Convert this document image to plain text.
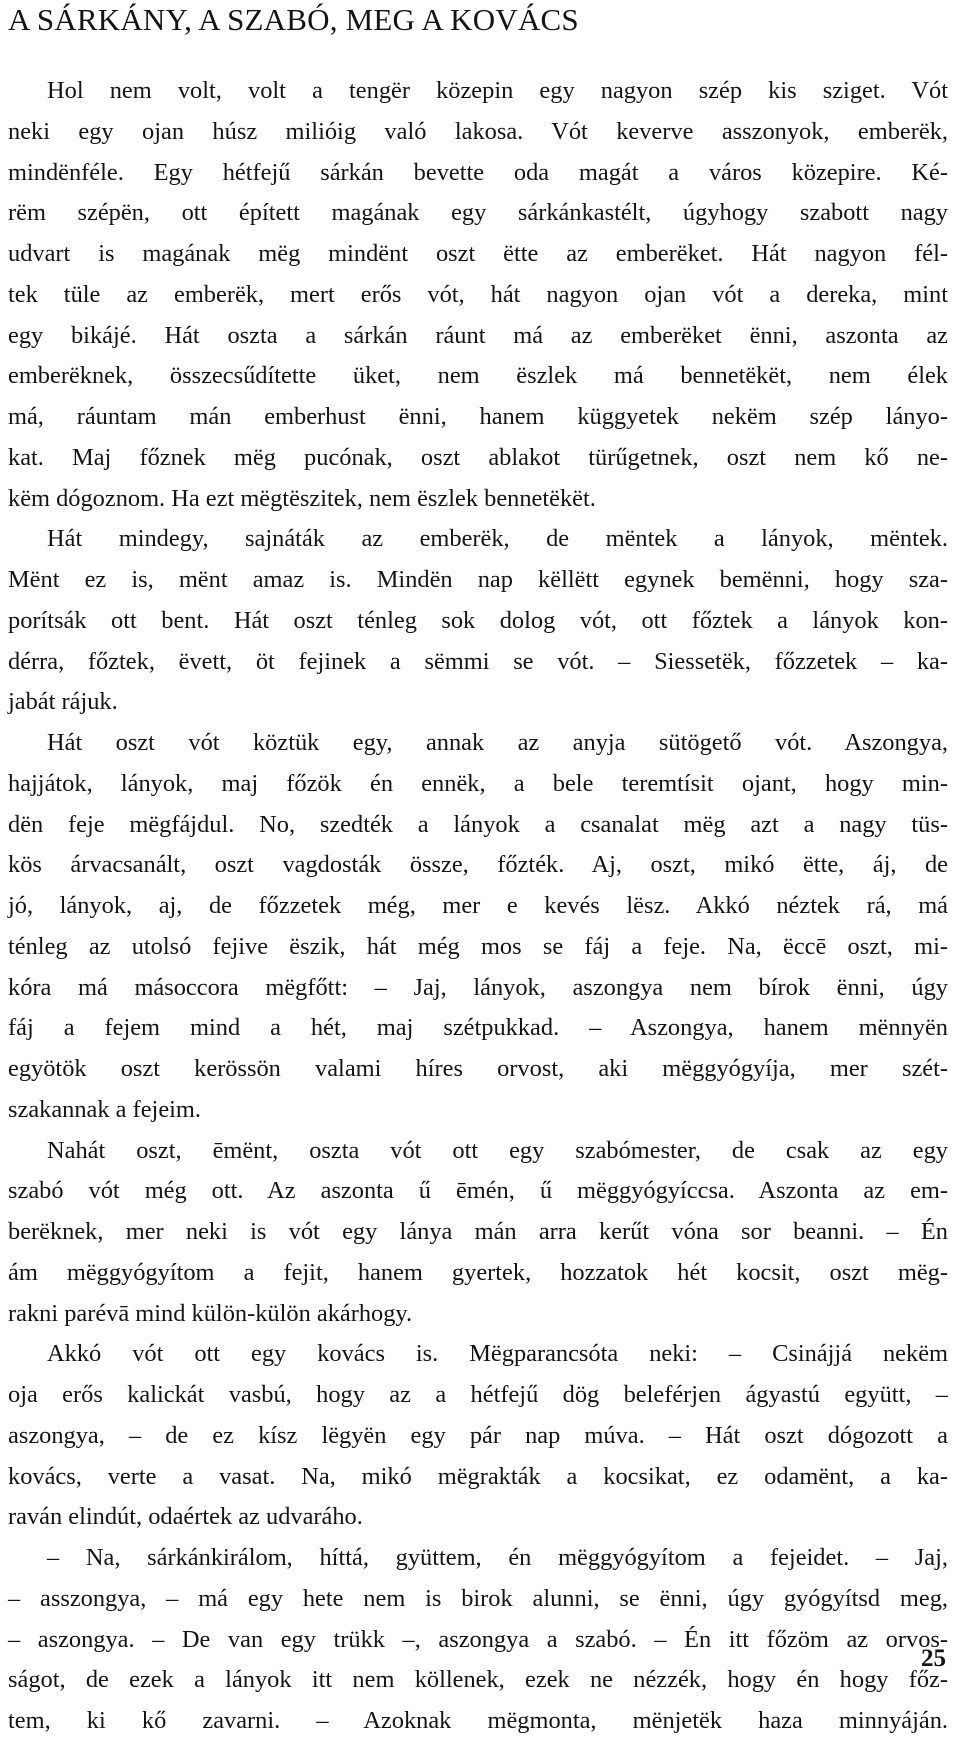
A SÁRKÁNY, A SZABÓ, MEG A KOVÁCS
Hol nem volt, volt a tengër közepin egy nagyon szép kis sziget. Vót
neki egy ojan húsz milióig való lakosa. Vót keverve asszonyok, emberëk,
mindënféle. Egy hétfejű sárkán bevette oda magát a város közepire. Ké-
rëm szépën, ott épített magának egy sárkánkastélt, úgyhogy szabott nagy
udvart is magának mëg mindënt oszt ëtte az emberëket. Hát nagyon fél-
tek tüle az emberëk, mert erős vót, hát nagyon ojan vót a dereka, mint
egy bikájé. Hát oszta a sárkán ráunt má az emberëket ënni, aszonta az
emberëknek, összecsűdítette üket, nem ëszlek má bennetëkët, nem élek
má, ráuntam mán emberhust ënni, hanem küggyetek nekëm szép lányo-
kat. Maj főznek mëg pucónak, oszt ablakot türűgetnek, oszt nem kő ne-
këm dógoznom. Ha ezt mëgtëszitek, nem ëszlek bennetëkët.
Hát mindegy, sajnáták az emberëk, de mëntek a lányok, mëntek.
Mënt ez is, mënt amaz is. Mindën nap këllëtt egynek bemënni, hogy sza-
porítsák ott bent. Hát oszt ténleg sok dolog vót, ott főztek a lányok kon-
dérra, főztek, ëvett, öt fejinek a sëmmi se vót. – Siessetëk, főzzetek – ka-
jabát rájuk.
Hát oszt vót köztük egy, annak az anyja sütögető vót. Aszongya,
hajjátok, lányok, maj főzök én ennëk, a bele teremtísit ojant, hogy min-
dën feje mëgfájdul. No, szedték a lányok a csanalat mëg azt a nagy tüs-
kös árvacsanált, oszt vagdosták össze, főzték. Aj, oszt, mikó ëtte, áj, de
jó, lányok, aj, de főzzetek még, mer e kevés lësz. Akkó néztek rá, má
ténleg az utolsó fejive ëszik, hát még mos se fáj a feje. Na, ëccē oszt, mi-
kóra má másoccora mëgfőtt: – Jaj, lányok, aszongya nem bírok ënni, úgy
fáj a fejem mind a hét, maj szétpukkad. – Aszongya, hanem mënnyën
egyötök oszt kerössön valami híres orvost, aki mëggyógyíja, mer szét-
szakannak a fejeim.
Nahát oszt, ēmënt, oszta vót ott egy szabómester, de csak az egy
szabó vót még ott. Az aszonta ű ēmén, ű mëggyógyíccsa. Aszonta az em-
berëknek, mer neki is vót egy lánya mán arra kerűt vóna sor beanni. – Én
ám mëggyógyítom a fejit, hanem gyertek, hozzatok hét kocsit, oszt mëg-
rakni parévā mind külön-külön akárhogy.
Akkó vót ott egy kovács is. Mëgparancsóta neki: – Csinájjá nekëm
oja erős kalickát vasbú, hogy az a hétfejű dög beleférjen ágyastú együtt, –
aszongya, – de ez kísz lëgyën egy pár nap múva. – Hát oszt dógozott a
kovács, verte a vasat. Na, mikó mëgrakták a kocsikat, ez odamënt, a ka-
raván elindút, odaértek az udvaráho.
– Na, sárkánkirálom, híttá, gyüttem, én mëggyógyítom a fejeidet. – Jaj,
– asszongya, – má egy hete nem is birok alunni, se ënni, úgy gyógyítsd meg,
– aszongya. – De van egy trükk –, aszongya a szabó. – Én itt főzöm az orvos-
ságot, de ezek a lányok itt nem köllenek, ezek ne nézzék, hogy én hogy főz-
tem, ki kő zavarni. – Azoknak mëgmonta, mënjetëk haza minnyáján.
25
